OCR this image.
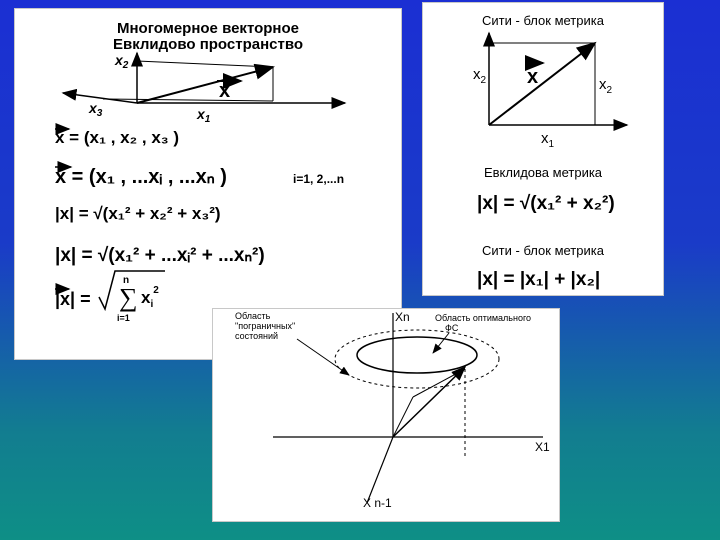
Многомерное векторное
Евклидово пространство
$x_2$
$x_3$	$x_1$
x
x = (x₁ , x₂ , x₃ )
x = (x₁ , ...xᵢ , ...xₙ )	i=1, 2,...n
|x| = √(x₁² + x₂² + x₃²)
|x| = √(x₁² + ...xᵢ² + ...xₙ²)
|x| =
n
∑
i=1
$x_i^2$
Сити - блок метрика
$x_2$	$x_2$
$x_1$
x
Евклидова метрика
|x| = √(x₁² + x₂²)
Сити - блок метрика
|x| = |x₁| + |x₂|
Область
"пограничных"
состояний
Область оптимального
ФС
Xn
X1
X n-1
